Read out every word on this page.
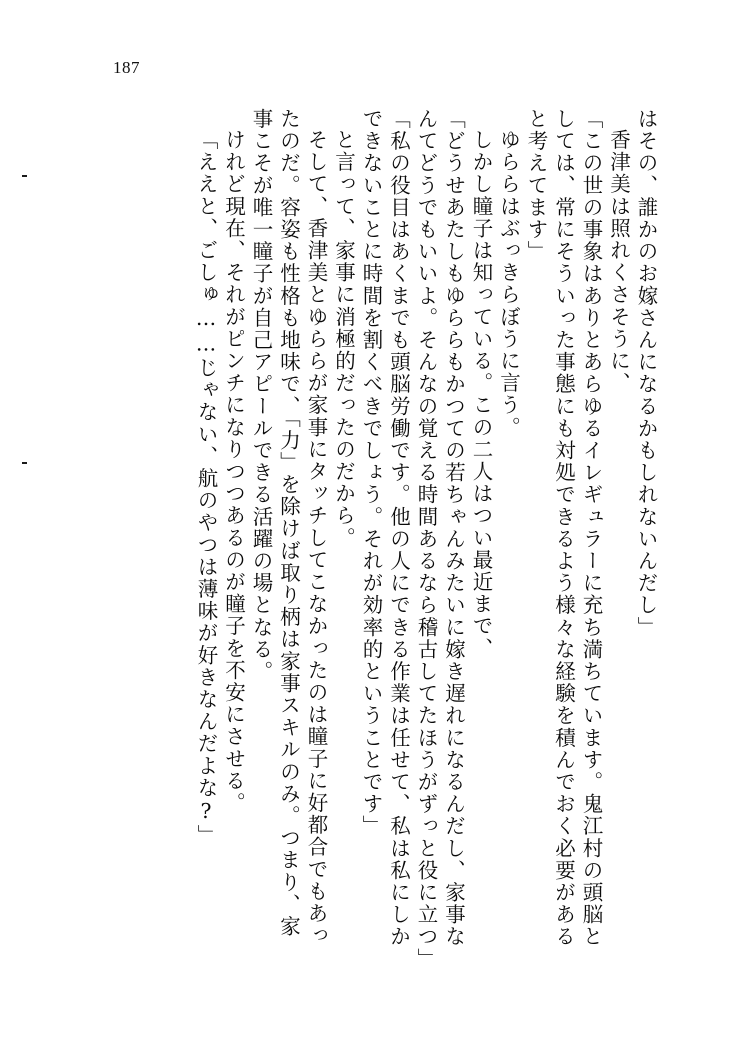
187
はその、誰かのお嫁さんになるかもしれないんだし」
香津美は照れくさそうに、
「この世の事象はありとあらゆるイレギュラーに充ち満ちています。鬼江村の頭脳と
しては、常にそういった事態にも対処できるよう様々な経験を積んでおく必要がある
と考えてます」
ゆららはぶっきらぼうに言う。
しかし瞳子は知っている。この二人はつい最近まで、
「どうせあたしもゆららもかつての若ちゃんみたいに嫁き遅れになるんだし、家事な
んてどうでもいいよ。そんなの覚える時間あるなら稽古してたほうがずっと役に立つ」
「私の役目はあくまでも頭脳労働です。他の人にできる作業は任せて、私は私にしか
できないことに時間を割くべきでしょう。それが効率的ということです」
と言って、家事に消極的だったのだから。
そして、香津美とゆららが家事にタッチしてこなかったのは瞳子に好都合でもあっ
たのだ。容姿も性格も地味で、「力」を除けば取り柄は家事スキルのみ。つまり、家
事こそが唯一瞳子が自己アピールできる活躍の場となる。
けれど現在、それがピンチになりつつあるのが瞳子を不安にさせる。
「ええと、ごしゅ……じゃない、航のやつは薄味が好きなんだよな?」
